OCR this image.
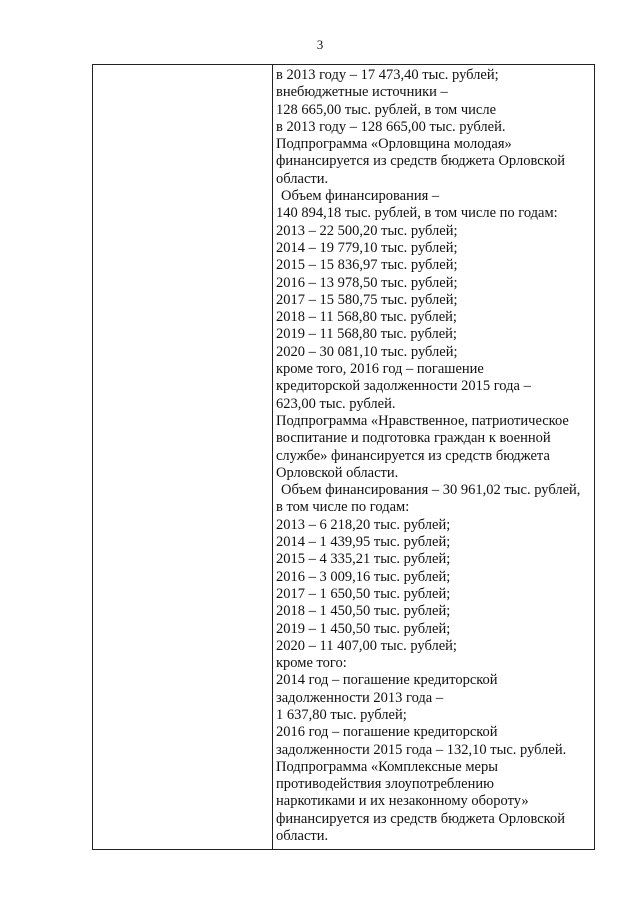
3
в 2013 году – 17 473,40 тыс. рублей;
внебюджетные источники –
128 665,00 тыс. рублей, в том числе
в 2013 году – 128 665,00 тыс. рублей.
Подпрограмма «Орловщина молодая»
финансируется из средств бюджета Орловской
области.
Объем финансирования –
140 894,18 тыс. рублей, в том числе по годам:
2013 – 22 500,20 тыс. рублей;
2014 – 19 779,10 тыс. рублей;
2015 – 15 836,97 тыс. рублей;
2016 – 13 978,50 тыс. рублей;
2017 – 15 580,75 тыс. рублей;
2018 – 11 568,80 тыс. рублей;
2019 – 11 568,80 тыс. рублей;
2020 – 30 081,10 тыс. рублей;
кроме того, 2016 год – погашение
кредиторской задолженности 2015 года –
623,00 тыс. рублей.
Подпрограмма «Нравственное, патриотическое
воспитание и подготовка граждан к военной
службе» финансируется из средств бюджета
Орловской области.
Объем финансирования – 30 961,02 тыс. рублей,
в том числе по годам:
2013 – 6 218,20 тыс. рублей;
2014 – 1 439,95 тыс. рублей;
2015 – 4 335,21 тыс. рублей;
2016 – 3 009,16 тыс. рублей;
2017 – 1 650,50 тыс. рублей;
2018 – 1 450,50 тыс. рублей;
2019 – 1 450,50 тыс. рублей;
2020 – 11 407,00 тыс. рублей;
кроме того:
2014 год – погашение кредиторской
задолженности 2013 года –
1 637,80 тыс. рублей;
2016 год – погашение кредиторской
задолженности 2015 года – 132,10 тыс. рублей.
Подпрограмма «Комплексные меры
противодействия злоупотреблению
наркотиками и их незаконному обороту»
финансируется из средств бюджета Орловской
области.
